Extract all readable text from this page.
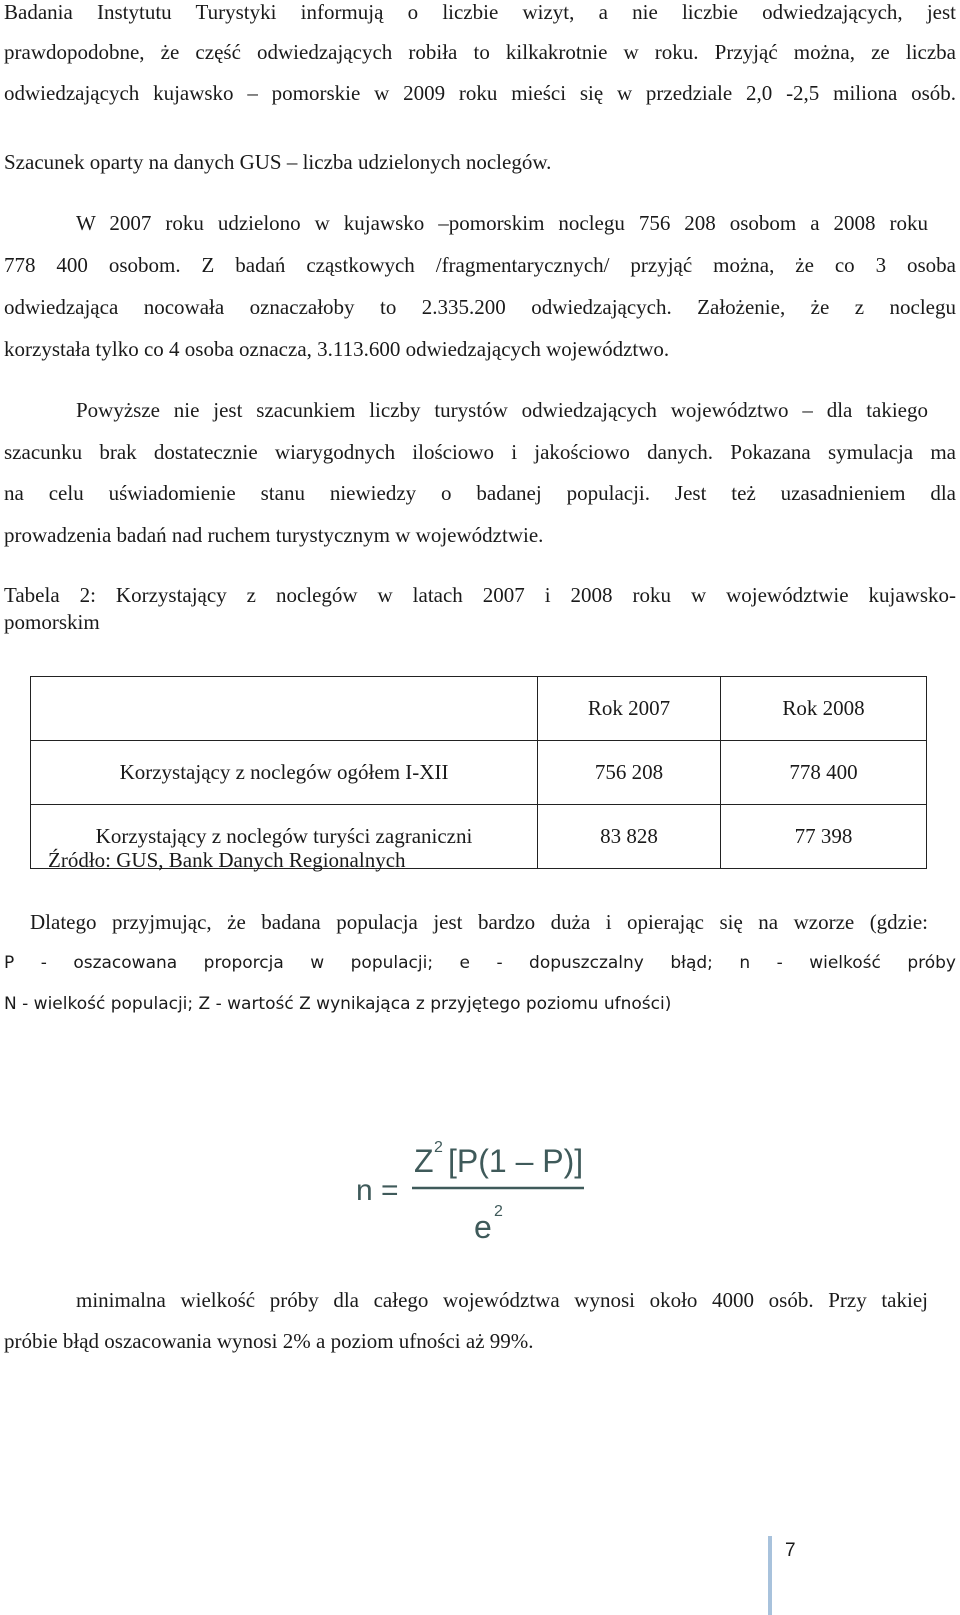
Badania Instytutu Turystyki informują o liczbie wizyt, a nie liczbie odwiedzających, jest
prawdopodobne, że część odwiedzających robiła to kilkakrotnie w roku. Przyjąć można, ze liczba
odwiedzających kujawsko – pomorskie w 2009 roku mieści się w przedziale 2,0 -2,5 miliona osób.
Szacunek oparty na danych GUS – liczba udzielonych noclegów.
W 2007 roku udzielono w kujawsko –pomorskim noclegu 756 208 osobom a 2008 roku
778 400 osobom. Z badań cząstkowych /fragmentarycznych/ przyjąć można, że co 3 osoba
odwiedzająca nocowała oznaczałoby to 2.335.200 odwiedzających. Założenie, że z noclegu
korzystała tylko co 4 osoba oznacza, 3.113.600 odwiedzających województwo.
Powyższe nie jest szacunkiem liczby turystów odwiedzających województwo – dla takiego
szacunku brak dostatecznie wiarygodnych ilościowo i jakościowo danych. Pokazana symulacja ma
na celu uświadomienie stanu niewiedzy o badanej populacji. Jest też uzasadnieniem dla
prowadzenia badań nad ruchem turystycznym w województwie.
Tabela 2: Korzystający z noclegów w latach 2007 i 2008 roku w województwie kujawsko-
pomorskim
	Rok 2007	Rok 2008
Korzystający z noclegów ogółem I-XII	756 208	778 400
Korzystający z noclegów turyści zagraniczni	83 828	77 398
Źródło: GUS, Bank Danych Regionalnych
Dlatego przyjmując, że badana populacja jest bardzo duża i opierając się na wzorze (gdzie:
P - oszacowana proporcja w populacji; e - dopuszczalny błąd; n - wielkość próby
N - wielkość populacji; Z - wartość Z wynikająca z przyjętego poziomu ufności)
n =
Z 2 [P(1 – P)]
e 2
minimalna wielkość próby dla całego województwa wynosi około 4000 osób. Przy takiej
próbie błąd oszacowania wynosi 2% a poziom ufności aż 99%.
7
